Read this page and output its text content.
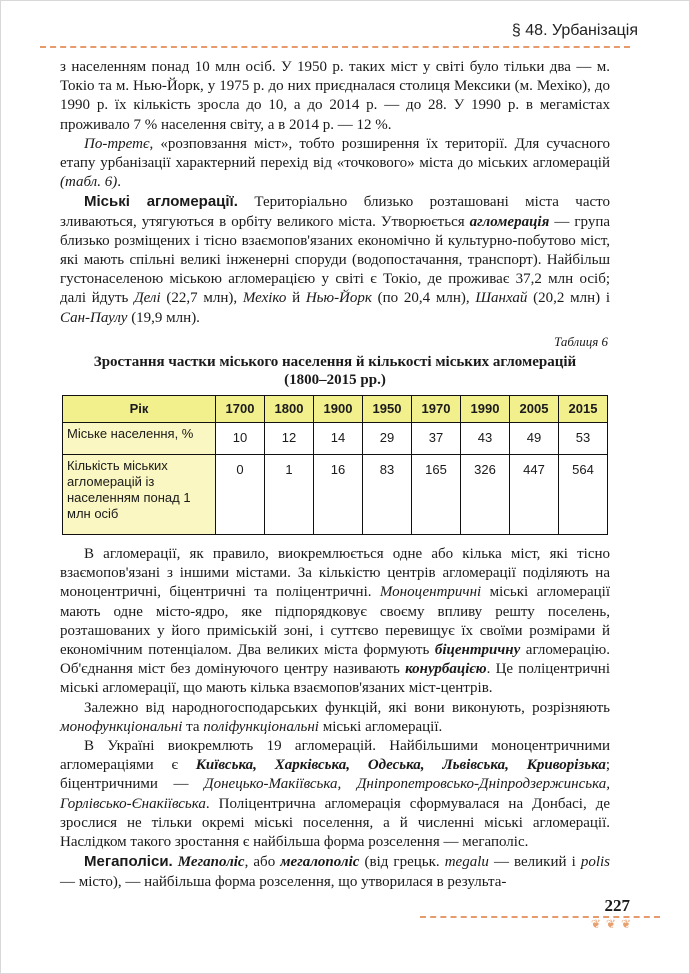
§ 48. Урбанізація

з населенням понад 10 млн осіб. У 1950 р. таких міст у світі було тільки два — м. Токіо та м. Нью-Йорк, у 1975 р. до них приєдналася столиця Мексики (м. Мехіко), до 1990 р. їх кількість зросла до 10, а до 2014 р. — до 28. У 1990 р. в мегамістах проживало 7 % населення світу, а в 2014 р. — 12 %.

По-третє, «розповзання міст», тобто розширення їх території. Для сучасного етапу урбанізації характерний перехід від «точкового» міста до міських агломерацій (табл. 6).

Міські агломерації. Територіально близько розташовані міста часто зливаються, утягуються в орбіту великого міста. Утворюється агломерація — група близько розміщених і тісно взаємопов'язаних економічно й культурно-побутово міст, які мають спільні великі інженерні споруди (водопостачання, транспорт). Найбільш густонаселеною міською агломерацією у світі є Токіо, де проживає 37,2 млн осіб; далі йдуть Делі (22,7 млн), Мехіко й Нью-Йорк (по 20,4 млн), Шанхай (20,2 млн) і Сан-Паулу (19,9 млн).

Таблиця 6
Зростання частки міського населення й кількості міських агломерацій
(1800–2015 рр.)
Рік	1700	1800	1900	1950	1970	1990	2005	2015
Міське населення, %	10	12	14	29	37	43	49	53
Кількість міських агломерацій із населенням понад 1 млн осіб	0	1	16	83	165	326	447	564

В агломерації, як правило, виокремлюється одне або кілька міст, які тісно взаємопов'язані з іншими містами. За кількістю центрів агломерації поділяють на моноцентричні, біцентричні та поліцентричні. Моноцентричні міські агломерації мають одне місто-ядро, яке підпорядковує своєму впливу решту поселень, розташованих у його приміській зоні, і суттєво перевищує їх своїми розмірами й економічним потенціалом. Два великих міста формують біцентричну агломерацію. Об'єднання міст без домінуючого центру називають конурбацією. Це поліцентричні міські агломерації, що мають кілька взаємопов'язаних міст-центрів.

Залежно від народногосподарських функцій, які вони виконують, розрізняють монофункціональні та поліфункціональні міські агломерації.

В Україні виокремлють 19 агломерацій. Найбільшими моноцентричними агломераціями є Київська, Харківська, Одеська, Львівська, Криворізька; біцентричними — Донецько-Макіївська, Дніпропетровсько-Дніпродзержинська, Горлівсько-Єнакіївська. Поліцентрична агломерація сформувалася на Донбасі, де зрослися не тільки окремі міські поселення, а й численні міські агломерації. Наслідком такого зростання є найбільша форма розселення — мегаполіс.

Мегаполіси. Мегаполіс, або мегалополіс (від грецьк. megalu — великий і polis — місто), — найбільша форма розселення, що утворилася в результа-

227
❦ ❦ ❦
